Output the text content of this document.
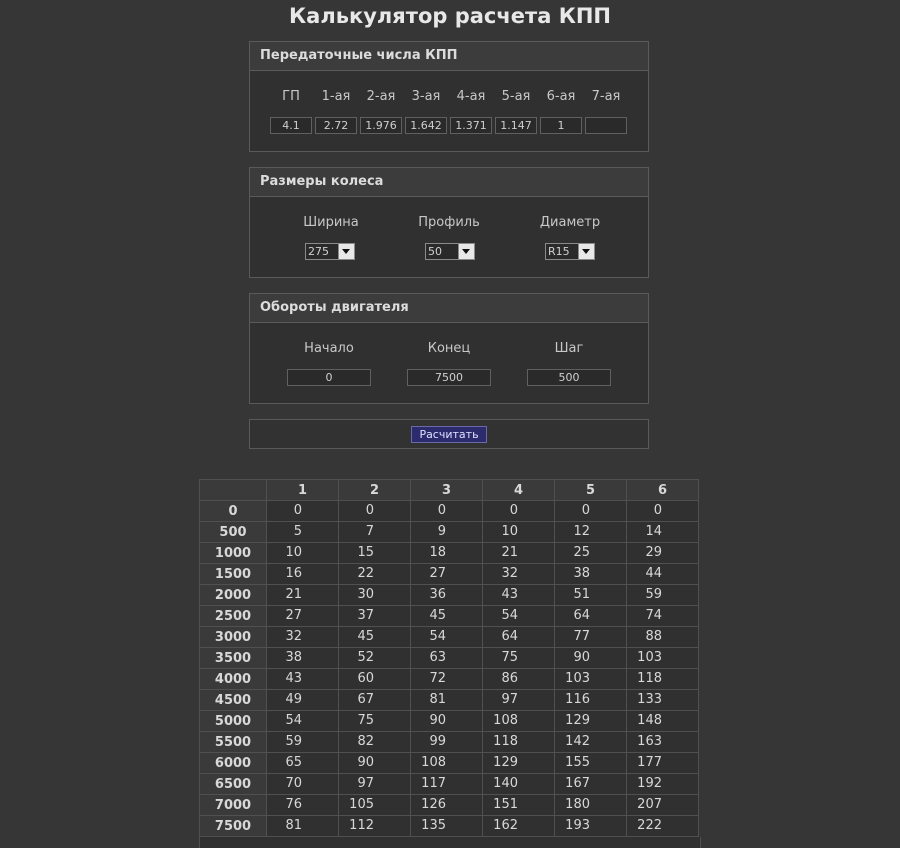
Калькулятор расчета КПП
Передаточные числа КПП
ГП	1-ая	2-ая	3-ая	4-ая	5-ая	6-ая	7-ая
4.1	2.72	1.976	1.642	1.371	1.147	1
Размеры колеса
Ширина	Профиль	Диаметр
275	50	R15
Обороты двигателя
Начало	Конец	Шаг
0	7500	500
Расчитать
	1	2	3	4	5	6
0	0	0	0	0	0	0

500	5	7	9	10	12	14

1000	10	15	18	21	25	29

1500	16	22	27	32	38	44

2000	21	30	36	43	51	59

2500	27	37	45	54	64	74

3000	32	45	54	64	77	88

3500	38	52	63	75	90	103

4000	43	60	72	86	103	118

4500	49	67	81	97	116	133

5000	54	75	90	108	129	148

5500	59	82	99	118	142	163

6000	65	90	108	129	155	177

6500	70	97	117	140	167	192

7000	76	105	126	151	180	207

7500	81	112	135	162	193	222
